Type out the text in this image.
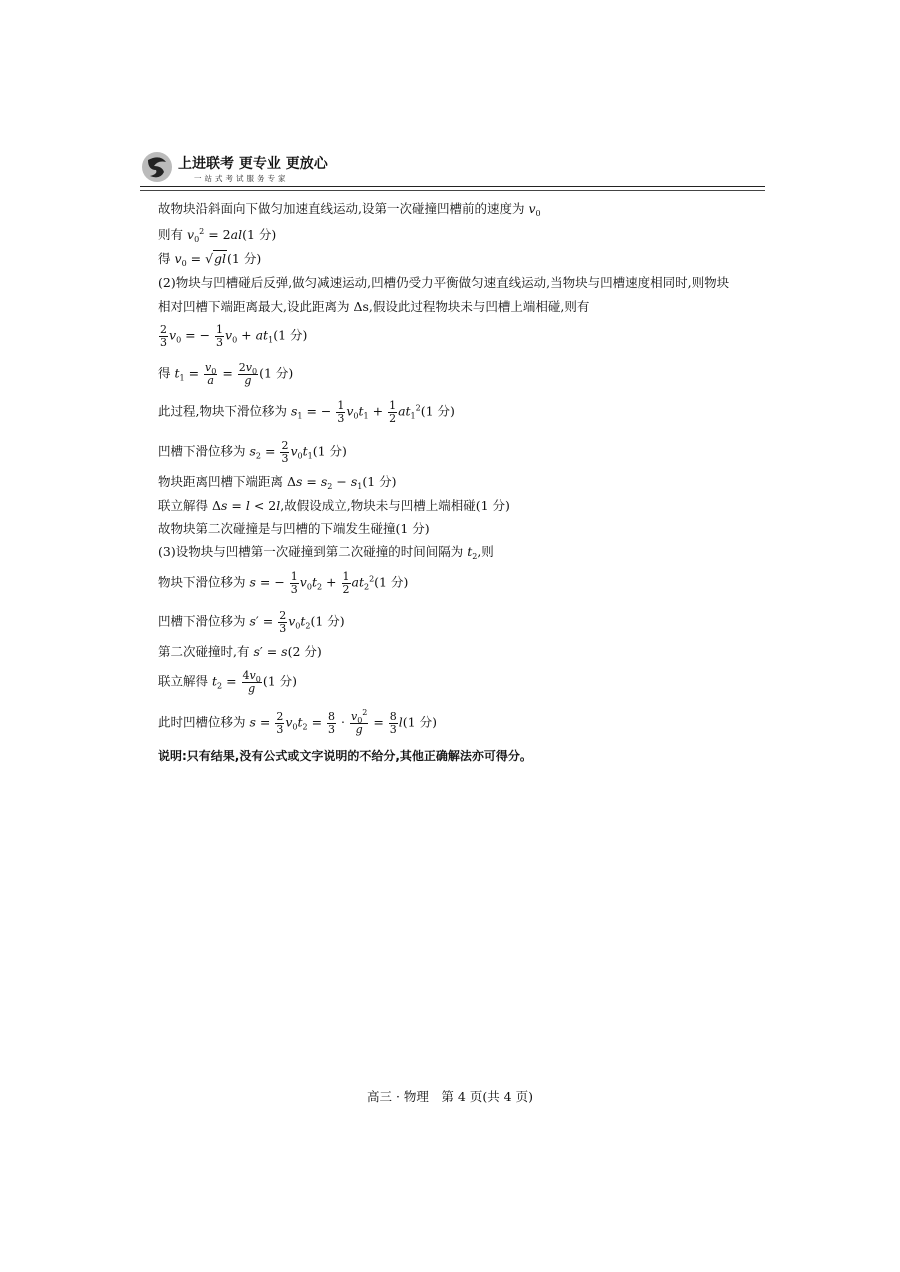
上进联考 更专业 更放心
一站式考试服务专家
故物块沿斜面向下做匀加速直线运动,设第一次碰撞凹槽前的速度为 $v_0$
则有 $v_0^2 = 2al(1$ 分)
得 $v_0 = √gl(1$ 分)
(2)物块与凹槽碰后反弹,做匀减速运动,凹槽仍受力平衡做匀速直线运动,当物块与凹槽速度相同时,则物块
相对凹槽下端距离最大,设此距离为 Δs,假设此过程物块未与凹槽上端相碰,则有
$\frac{2}{3} v_0$ = − $\frac{1}{3} v_0 + at_1(1$ 分)
得 $t_1 = \frac{v_0}{a} = \frac{2v_0}{g} (1$ 分)
此过程,物块下滑位移为 $s_1$ = − $\frac{1}{3} v_0t_1 + \frac{1}{2} at_1^2(1$ 分)
凹槽下滑位移为 $s_2 = \frac{2}{3} v_0t_1(1$ 分)
物块距离凹槽下端距离 $\Delta s = s_2 - s_1(1$ 分)
联立解得 Δs = l < 2l,故假设成立,物块未与凹槽上端相碰(1 分)
故物块第二次碰撞是与凹槽的下端发生碰撞(1 分)
(3)设物块与凹槽第一次碰撞到第二次碰撞的时间间隔为 $t_2$,则
物块下滑位移为 s = − $\frac{1}{3} v_0t_2 + \frac{1}{2} at_2^2(1$ 分)
凹槽下滑位移为 $s' = \frac{2}{3} v_0t_2(1$ 分)
第二次碰撞时,有 s′ = s(2 分)
联立解得 $t_2 = \frac{4v_0}{g} (1$ 分)
此时凹槽位移为 $s = \frac{2}{3} v_0t_2 = \frac{8}{3} \cdot \frac{v_0^2}{g} = \frac{8}{3} l(1$ 分)
说明:只有结果,没有公式或文字说明的不给分,其他正确解法亦可得分。
高三 · 物理　第 4 页(共 4 页)
